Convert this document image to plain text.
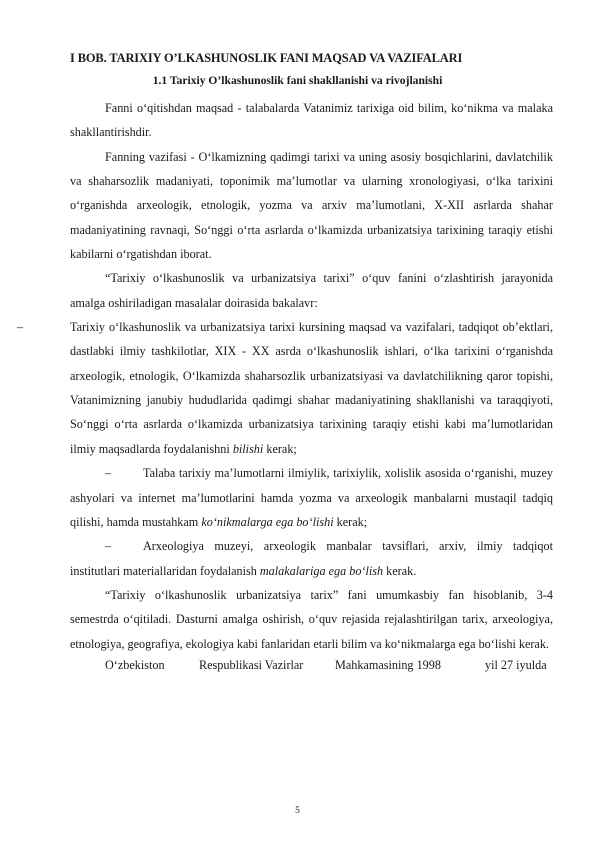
I BOB. TARIXIY O’LKASHUNOSLIK FANI MAQSAD VA VAZIFALARI
1.1 Tarixiy O’lkashunoslik fani shakllanishi va rivojlanishi

Fanni o‘qitishdan maqsad - talabalarda Vatanimiz tarixiga oid bilim, ko‘nikma va malaka shakllantirishdir.

Fanning vazifasi - O‘lkamizning qadimgi tarixi va uning asosiy bosqichlarini, davlatchilik va shaharsozlik madaniyati, toponimik ma’lumotlar va ularning xronologiyasi, o‘lka tarixini o‘rganishda arxeologik, etnologik, yozma va arxiv ma’lumotlani, X-XII asrlarda shahar madaniyatining ravnaqi, So‘nggi o‘rta asrlarda o‘lkamizda urbanizatsiya tarixining taraqiy etishi kabilarni o‘rgatishdan iborat.

“Tarixiy o‘lkashunoslik va urbanizatsiya tarixi” o‘quv fanini o‘zlashtirish jarayonida amalga oshiriladigan masalalar doirasida bakalavr:

–	Tarixiy o‘lkashunoslik va urbanizatsiya tarixi kursining maqsad va vazifalari, tadqiqot ob’ektlari, dastlabki ilmiy tashkilotlar, XIX - XX asrda o‘lkashunoslik ishlari, o‘lka tarixini o‘rganishda arxeologik, etnologik, O‘lkamizda shaharsozlik urbanizatsiyasi va davlatchilikning qaror topishi, Vatanimizning janubiy hududlarida qadimgi shahar madaniyatining shakllanishi va taraqqiyoti, So‘nggi o‘rta asrlarda o‘lkamizda urbanizatsiya tarixining taraqiy etishi kabi ma’lumotlaridan ilmiy maqsadlarda foydalanishni bilishi kerak;

–	Talaba tarixiy ma’lumotlarni ilmiylik, tarixiylik, xolislik asosida o‘rganishi, muzey ashyolari va internet ma’lumotlarini hamda yozma va arxeologik manbalarni mustaqil tadqiq qilishi, hamda mustahkam ko‘nikmalarga ega bo‘lishi kerak;

–	Arxeologiya muzeyi, arxeologik manbalar tavsiflari, arxiv, ilmiy tadqiqot institutlari materiallaridan foydalanish malakalariga ega bo‘lish kerak.

“Tarixiy o‘lkashunoslik urbanizatsiya tarix” fani umumkasbiy fan hisoblanib, 3-4 semestrda o‘qitiladi. Dasturni amalga oshirish, o‘quv rejasida rejalashtirilgan tarix, arxeologiya, etnologiya, geografiya, ekologiya kabi fanlaridan etarli bilim va ko‘nikmalarga ega bo‘lishi kerak.

O‘zbekiston	Respublikasi Vazirlar	Mahkamasining 1998	yil 27 iyulda
5
